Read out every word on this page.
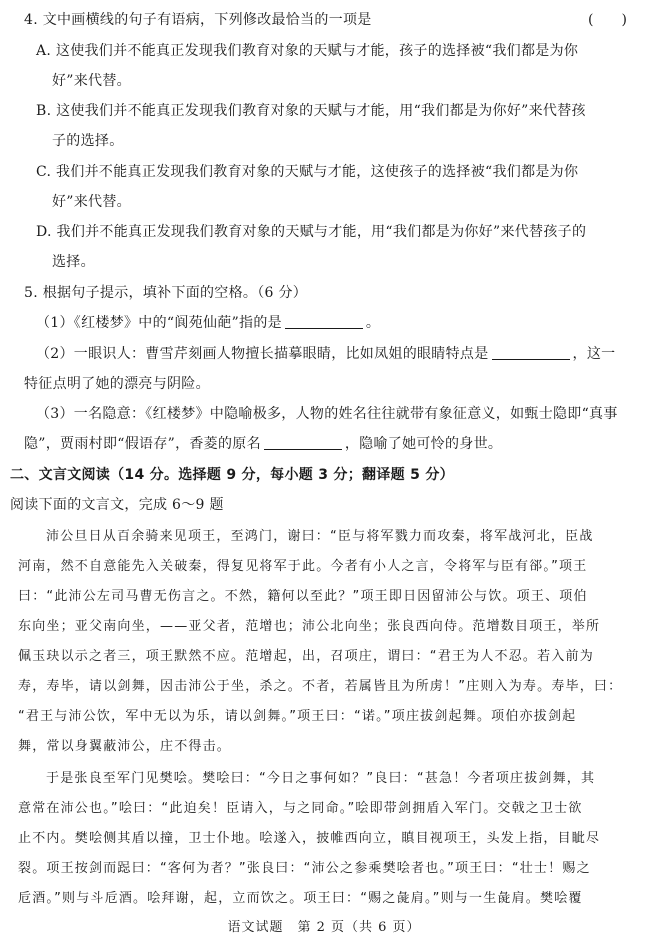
4. 文中画横线的句子有语病，下列修改最恰当的一项是	(　　)
A. 这使我们并不能真正发现我们教育对象的天赋与才能，孩子的选择被“我们都是为你
好”来代替。
B. 这使我们并不能真正发现我们教育对象的天赋与才能，用“我们都是为你好”来代替孩
子的选择。
C. 我们并不能真正发现我们教育对象的天赋与才能，这使孩子的选择被“我们都是为你
好”来代替。
D. 我们并不能真正发现我们教育对象的天赋与才能，用“我们都是为你好”来代替孩子的
选择。
5. 根据句子提示，填补下面的空格。（6 分）
（1）《红楼梦》中的“阆苑仙葩”指的是	。
（2）一眼识人：曹雪芹刻画人物擅长描摹眼睛，比如凤姐的眼睛特点是	，这一
特征点明了她的漂亮与阴险。
（3）一名隐意：《红楼梦》中隐喻极多，人物的姓名往往就带有象征意义，如甄士隐即“真事
隐”，贾雨村即“假语存”，香菱的原名	，隐喻了她可怜的身世。
二、文言文阅读（14 分。选择题 9 分，每小题 3 分；翻译题 5 分）
阅读下面的文言文，完成 6～9 题
沛公旦日从百余骑来见项王，至鸿门，谢曰：“臣与将军戮力而攻秦，将军战河北，臣战
河南，然不自意能先入关破秦，得复见将军于此。今者有小人之言，令将军与臣有郤。”项王
曰：“此沛公左司马曹无伤言之。不然，籍何以至此？”项王即日因留沛公与饮。项王、项伯
东向坐；亚父南向坐，——亚父者，范增也；沛公北向坐；张良西向侍。范增数目项王，举所
佩玉玦以示之者三，项王默然不应。范增起，出，召项庄，谓曰：“君王为人不忍。若入前为
寿，寿毕，请以剑舞，因击沛公于坐，杀之。不者，若属皆且为所虏！”庄则入为寿。寿毕，曰：
“君王与沛公饮，军中无以为乐，请以剑舞。”项王曰：“诺。”项庄拔剑起舞。项伯亦拔剑起
舞，常以身翼蔽沛公，庄不得击。
于是张良至军门见樊哙。樊哙曰：“今日之事何如？”良曰：“甚急！今者项庄拔剑舞，其
意常在沛公也。”哙曰：“此迫矣！臣请入，与之同命。”哙即带剑拥盾入军门。交戟之卫士欲
止不内。樊哙侧其盾以撞，卫士仆地。哙遂入，披帷西向立，瞋目视项王，头发上指，目眦尽
裂。项王按剑而跽曰：“客何为者？”张良曰：“沛公之参乘樊哙者也。”项王曰：“壮士！赐之
卮酒。”则与斗卮酒。哙拜谢，起，立而饮之。项王曰：“赐之彘肩。”则与一生彘肩。樊哙覆
语文试题　第 2 页（共 6 页）
